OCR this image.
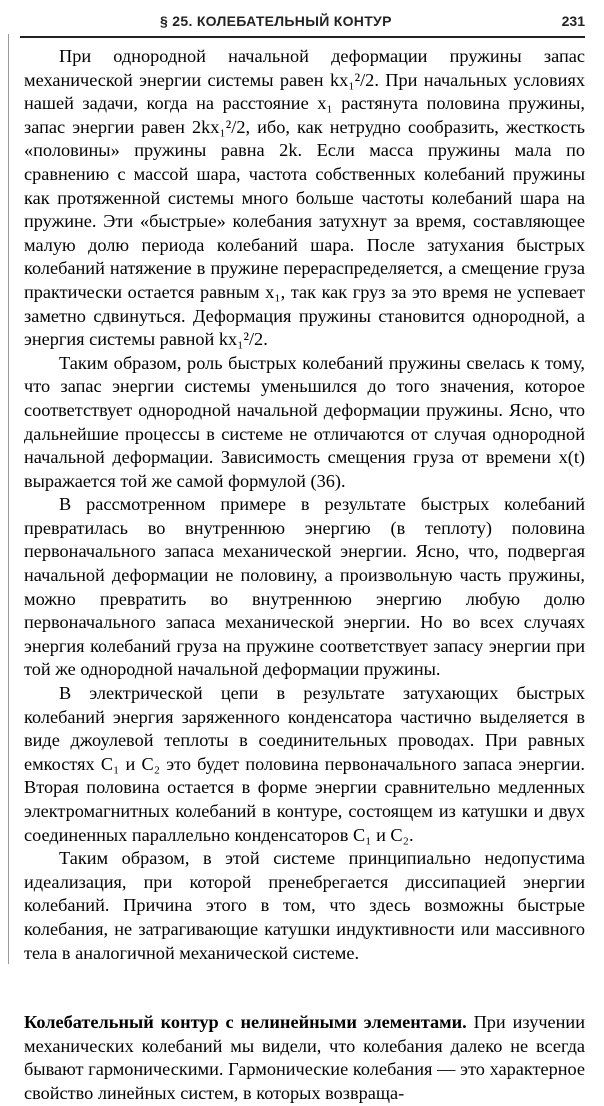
§ 25. КОЛЕБАТЕЛЬНЫЙ КОНТУР	231

При однородной начальной деформации пружины запас механической энергии системы равен kx₁²/2. При начальных условиях нашей задачи, когда на расстояние x₁ растянута половина пружины, запас энергии равен 2kx₁²/2, ибо, как нетрудно сообразить, жесткость «половины» пружины равна 2k. Если масса пружины мала по сравнению с массой шара, частота собственных колебаний пружины как протяженной системы много больше частоты колебаний шара на пружине. Эти «быстрые» колебания затухнут за время, составляющее малую долю периода колебаний шара. После затухания быстрых колебаний натяжение в пружине перераспределяется, а смещение груза практически остается равным x₁, так как груз за это время не успевает заметно сдвинуться. Деформация пружины становится однородной, а энергия системы равной kx₁²/2.

Таким образом, роль быстрых колебаний пружины свелась к тому, что запас энергии системы уменьшился до того значения, которое соответствует однородной начальной деформации пружины. Ясно, что дальнейшие процессы в системе не отличаются от случая однородной начальной деформации. Зависимость смещения груза от времени x(t) выражается той же самой формулой (36).

В рассмотренном примере в результате быстрых колебаний превратилась во внутреннюю энергию (в теплоту) половина первоначального запаса механической энергии. Ясно, что, подвергая начальной деформации не половину, а произвольную часть пружины, можно превратить во внутреннюю энергию любую долю первоначального запаса механической энергии. Но во всех случаях энергия колебаний груза на пружине соответствует запасу энергии при той же однородной начальной деформации пружины.

В электрической цепи в результате затухающих быстрых колебаний энергия заряженного конденсатора частично выделяется в виде джоулевой теплоты в соединительных проводах. При равных емкостях C₁ и C₂ это будет половина первоначального запаса энергии. Вторая половина остается в форме энергии сравнительно медленных электромагнитных колебаний в контуре, состоящем из катушки и двух соединенных параллельно конденсаторов C₁ и C₂.

Таким образом, в этой системе принципиально недопустима идеализация, при которой пренебрегается диссипацией энергии колебаний. Причина этого в том, что здесь возможны быстрые колебания, не затрагивающие катушки индуктивности или массивного тела в аналогичной механической системе.

Колебательный контур с нелинейными элементами. При изучении механических колебаний мы видели, что колебания далеко не всегда бывают гармоническими. Гармонические колебания — это характерное свойство линейных систем, в которых возвраща-
